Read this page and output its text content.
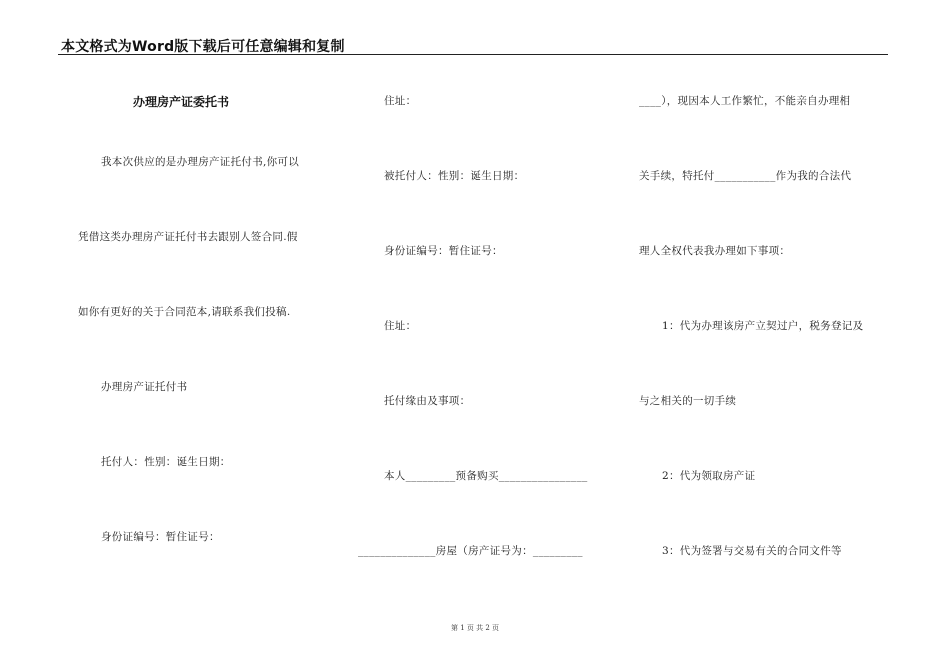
本文格式为Word版下载后可任意编辑和复制
办理房产证委托书
我本次供应的是办理房产证托付书,你可以
凭借这类办理房产证托付书去跟别人签合同.假
如你有更好的关于合同范本,请联系我们投稿.
办理房产证托付书
托付人：性别：诞生日期：
身份证编号：暂住证号：
住址：
被托付人：性别：诞生日期：
身份证编号：暂住证号：
住址：
托付缘由及事项：
本人_________预备购买________________
______________房屋（房产证号为：_________
____），现因本人工作繁忙，不能亲自办理相
关手续，特托付___________作为我的合法代
理人全权代表我办理如下事项：
1：代为办理该房产立契过户，税务登记及
与之相关的一切手续
2：代为领取房产证
3：代为签署与交易有关的合同文件等
第 1 页 共 2 页
